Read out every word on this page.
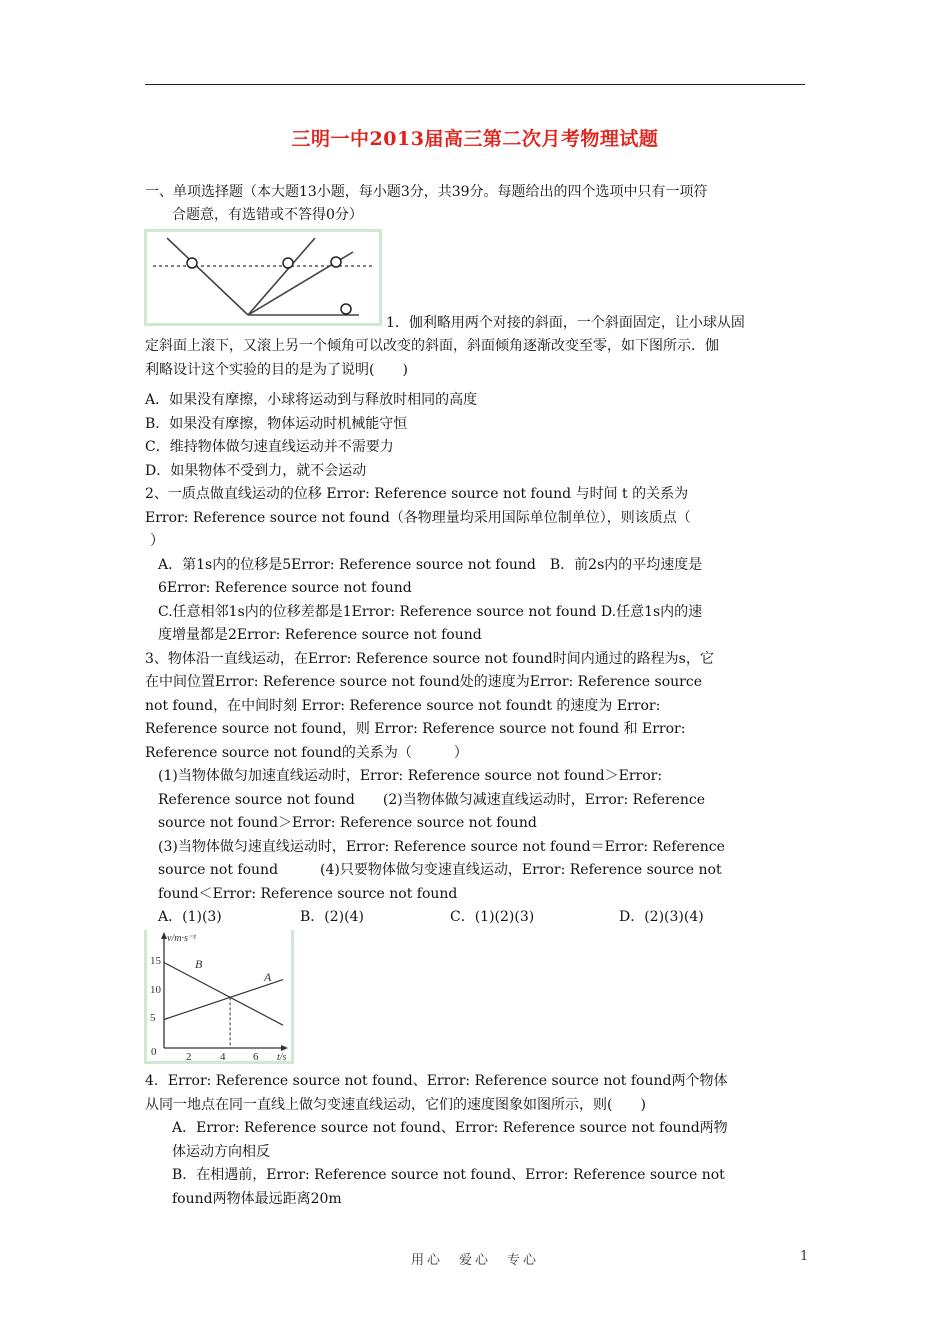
三明一中2013届高三第二次月考物理试题
一、单项选择题（本大题13小题，每小题3分，共39分。每题给出的四个选项中只有一项符
合题意，有选错或不答得0分）
1．伽利略用两个对接的斜面，一个斜面固定，让小球从固
定斜面上滚下，又滚上另一个倾角可以改变的斜面，斜面倾角逐渐改变至零，如下图所示．伽
利略设计这个实验的目的是为了说明(　　)
A．如果没有摩擦，小球将运动到与释放时相同的高度
B．如果没有摩擦，物体运动时机械能守恒
C．维持物体做匀速直线运动并不需要力
D．如果物体不受到力，就不会运动
2、一质点做直线运动的位移 Error: Reference source not found 与时间 t 的关系为
Error: Reference source not found（各物理量均采用国际单位制单位），则该质点（
）
A．第1s内的位移是5Error: Reference source not found　B．前2s内的平均速度是
6Error: Reference source not found
C.任意相邻1s内的位移差都是1Error: Reference source not found D.任意1s内的速
度增量都是2Error: Reference source not found
3、物体沿一直线运动，在Error: Reference source not found时间内通过的路程为s，它
在中间位置Error: Reference source not found处的速度为Error: Reference source
not found，在中间时刻 Error: Reference source not foundt 的速度为 Error:
Reference source not found，则 Error: Reference source not found 和 Error:
Reference source not found的关系为（　　　）
(1)当物体做匀加速直线运动时，Error: Reference source not found＞Error:
Reference source not found　　(2)当物体做匀减速直线运动时，Error: Reference
source not found＞Error: Reference source not found
(3)当物体做匀速直线运动时，Error: Reference source not found＝Error: Reference
source not found　　　(4)只要物体做匀变速直线运动，Error: Reference source not
found＜Error: Reference source not found
A．(1)(3)	B．(2)(4)	C．(1)(2)(3)	D．(2)(3)(4)
v/m·s⁻¹
t/s
15
10
5
0	2	4	6
A
B
4．Error: Reference source not found、Error: Reference source not found两个物体
从同一地点在同一直线上做匀变速直线运动，它们的速度图象如图所示，则(　　)
A．Error: Reference source not found、Error: Reference source not found两物
体运动方向相反
B．在相遇前，Error: Reference source not found、Error: Reference source not
found两物体最远距离20m
用心　爱心　专心	1
